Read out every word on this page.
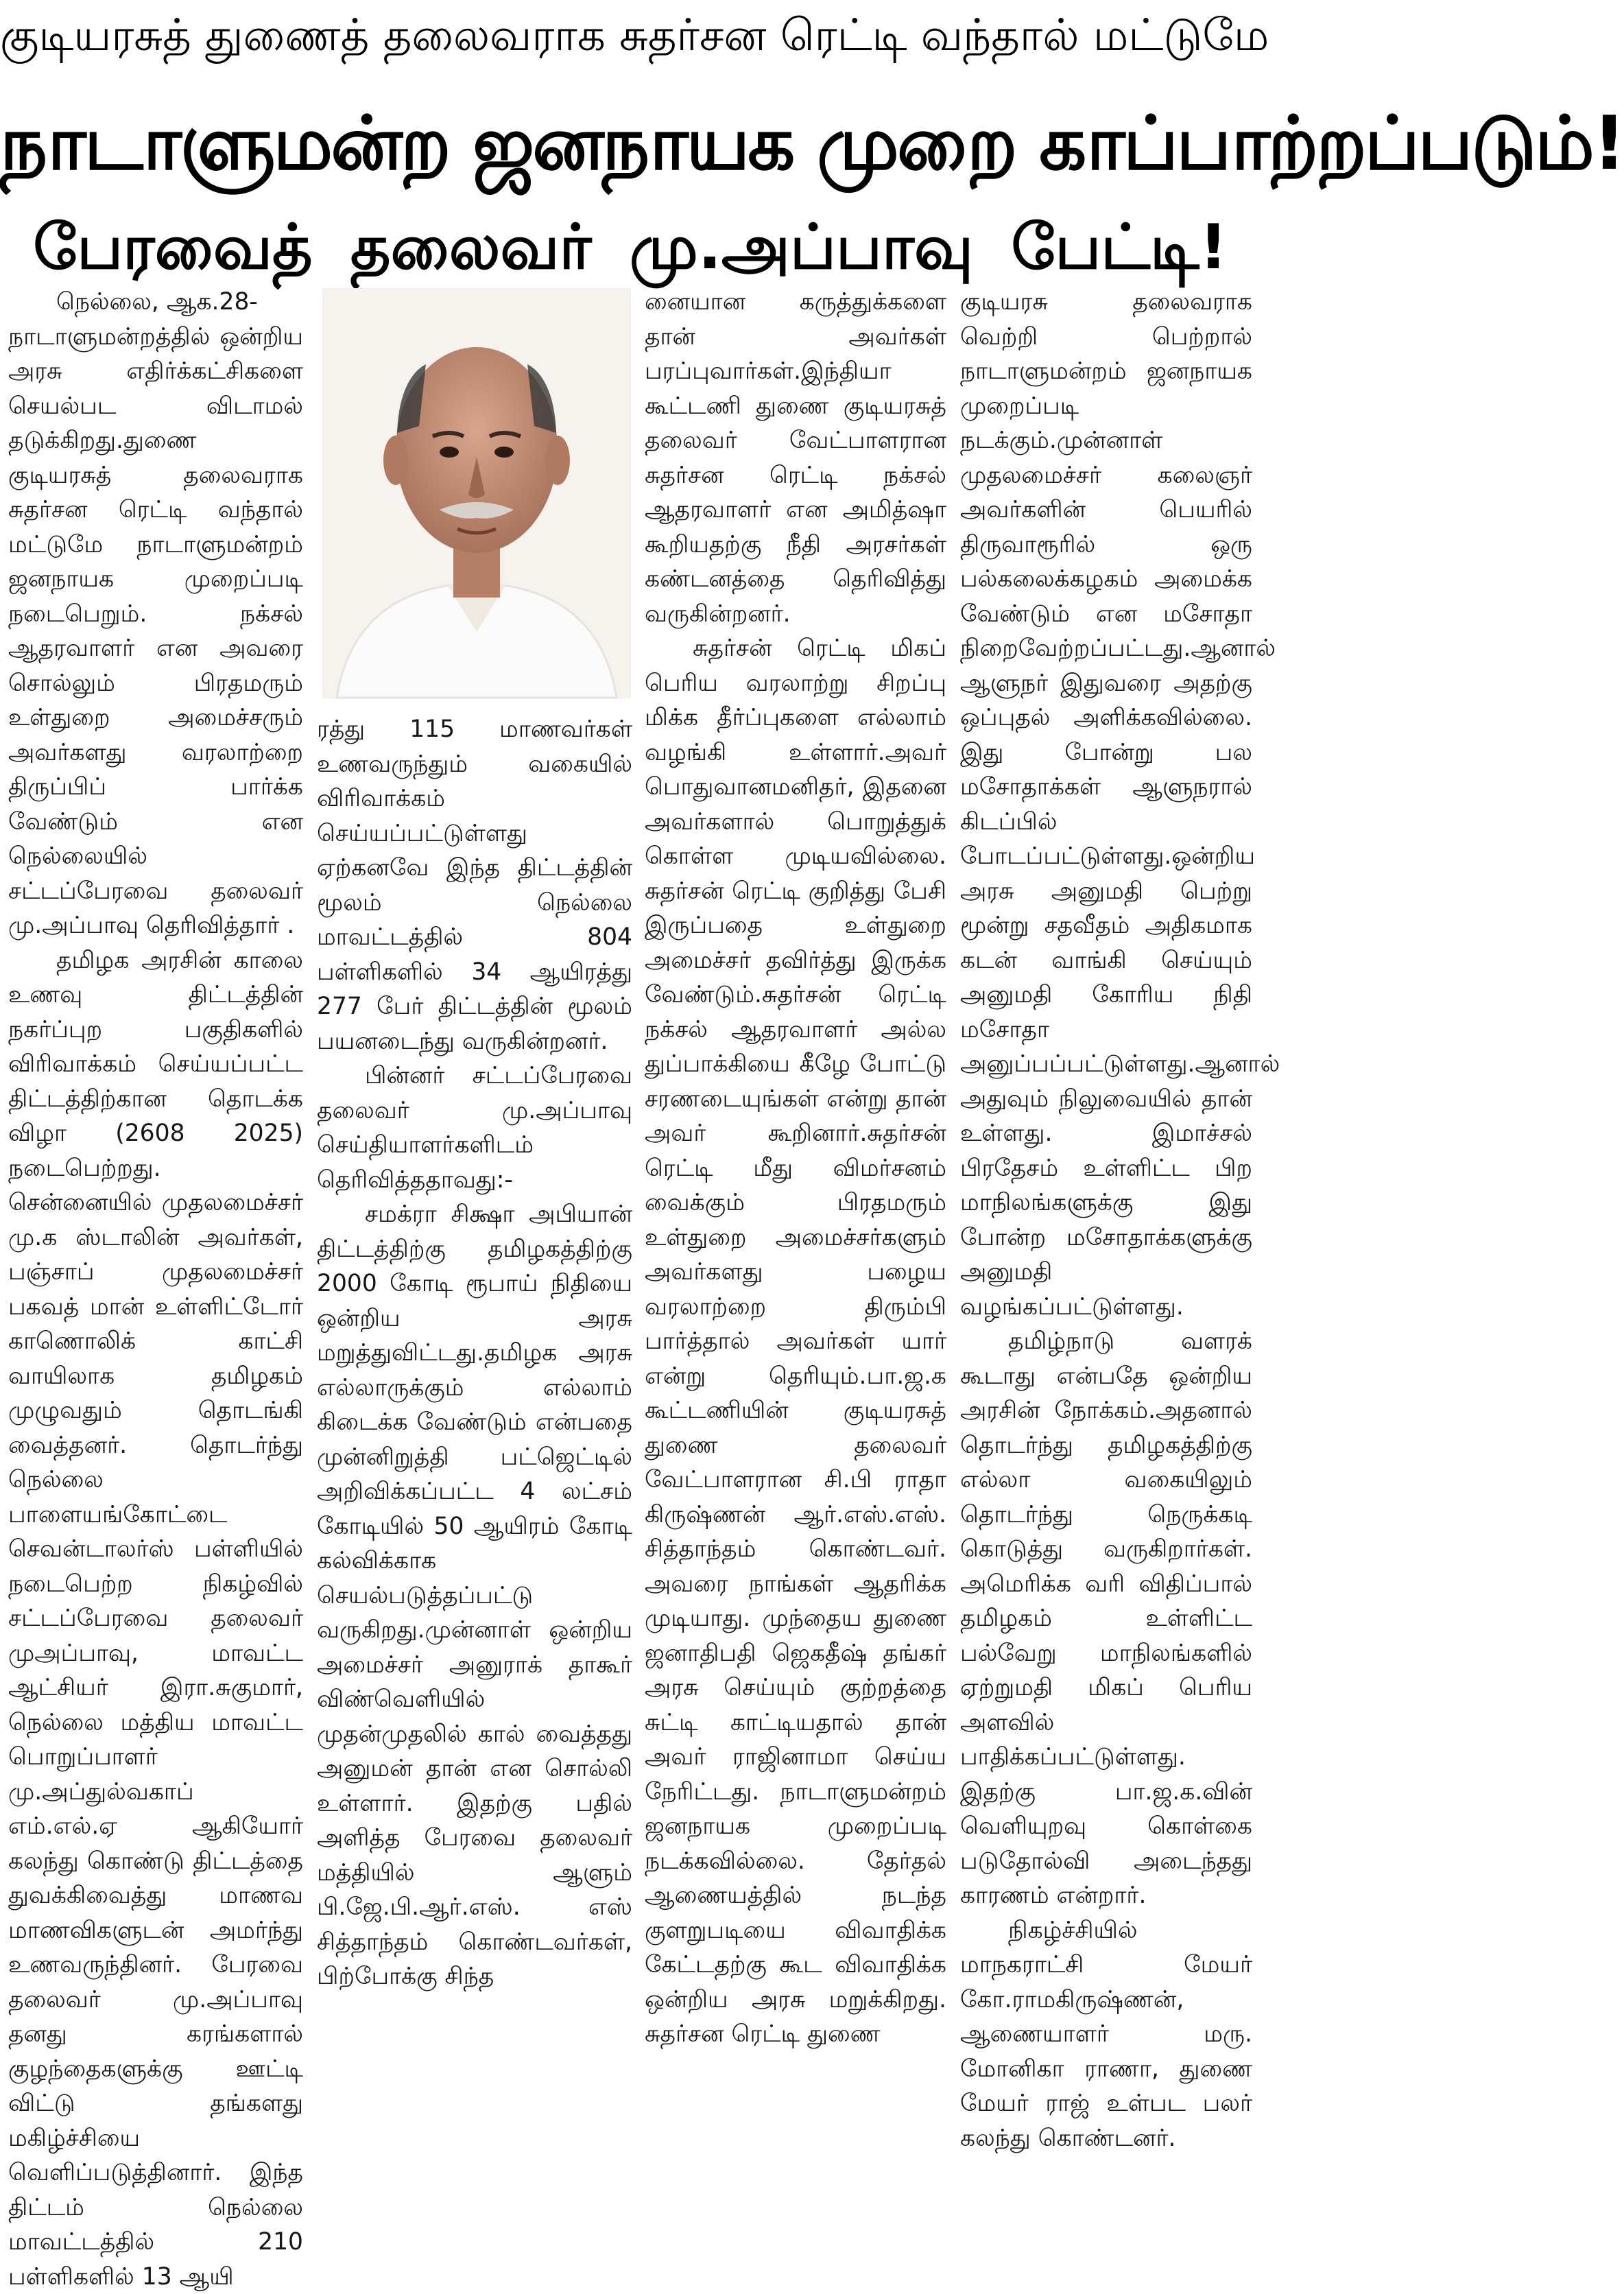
குடியரசுத் துணைத் தலைவராக சுதர்சன ரெட்டி வந்தால் மட்டுமே
நாடாளுமன்ற ஜனநாயக முறை காப்பாற்றப்படும்!
பேரவைத் தலைவர் மு.அப்பாவு பேட்டி!

நெல்லை, ஆக.28-

நாடாளுமன்றத்தில் ஒன்றிய அரசு எதிர்க்கட்சிகளை செயல்பட விடாமல் தடுக்கிறது.துணை குடியரசுத் தலைவராக சுதர்சன ரெட்டி வந்தால் மட்டுமே நாடாளுமன்றம் ஜனநாயக முறைப்படி நடைபெறும். நக்சல் ஆதரவாளர் என அவரை சொல்லும் பிரதமரும் உள்துறை அமைச்சரும் அவர்களது வரலாற்றை திருப்பிப் பார்க்க வேண்டும் என நெல்லையில் சட்டப்பேரவை தலைவர் மு.அப்பாவு தெரிவித்தார் .

தமிழக அரசின் காலை உணவு திட்டத்தின் நகர்ப்புற பகுதிகளில் விரிவாக்கம் செய்யப்பட்ட திட்டத்திற்கான தொடக்க விழா (2608 2025) நடைபெற்றது. சென்னையில் முதலமைச்சர் மு.க ஸ்டாலின் அவர்கள், பஞ்சாப் முதலமைச்சர் பகவத் மான் உள்ளிட்டோர் காணொலிக் காட்சி வாயிலாக தமிழகம் முழுவதும் தொடங்கி வைத்தனர். தொடர்ந்து நெல்லை பாளையங்கோட்டை செவன்டாலர்ஸ் பள்ளியில் நடைபெற்ற நிகழ்வில் சட்டப்பேரவை தலைவர் முஅப்பாவு, மாவட்ட ஆட்சியர் இரா.சுகுமார், நெல்லை மத்திய மாவட்ட பொறுப்பாளர் மு.அப்துல்வகாப் எம்.எல்.ஏ ஆகியோர் கலந்து கொண்டு திட்டத்தை துவக்கிவைத்து மாணவ மாணவிகளுடன் அமர்ந்து உணவருந்தினர். பேரவை தலைவர் மு.அப்பாவு தனது கரங்களால் குழந்தைகளுக்கு ஊட்டி விட்டு தங்களது மகிழ்ச்சியை வெளிப்படுத்தினார். இந்த திட்டம் நெல்லை மாவட்டத்தில் 210 பள்ளிகளில் 13 ஆயி

ரத்து 115 மாணவர்கள் உணவருந்தும் வகையில் விரிவாக்கம் செய்யப்பட்டுள்ளது ஏற்கனவே இந்த திட்டத்தின் மூலம் நெல்லை மாவட்டத்தில் 804 பள்ளிகளில் 34 ஆயிரத்து 277 பேர் திட்டத்தின் மூலம் பயனடைந்து வருகின்றனர்.

பின்னர் சட்டப்பேரவை தலைவர் மு.அப்பாவு செய்தியாளர்களிடம் தெரிவித்ததாவது:-

சமக்ரா சிக்ஷா அபியான் திட்டத்திற்கு தமிழகத்திற்கு 2000 கோடி ரூபாய் நிதியை ஒன்றிய அரசு மறுத்துவிட்டது.தமிழக அரசு எல்லாருக்கும் எல்லாம் கிடைக்க வேண்டும் என்பதை முன்னிறுத்தி பட்ஜெட்டில் அறிவிக்கப்பட்ட 4 லட்சம் கோடியில் 50 ஆயிரம் கோடி கல்விக்காக செயல்படுத்தப்பட்டு வருகிறது.முன்னாள் ஒன்றிய அமைச்சர் அனுராக் தாகூர் விண்வெளியில் முதன்முதலில் கால் வைத்தது அனுமன் தான் என சொல்லி உள்ளார். இதற்கு பதில் அளித்த பேரவை தலைவர் மத்தியில் ஆளும் பி.ஜே.பி.ஆர்.எஸ். எஸ் சித்தாந்தம் கொண்டவர்கள், பிற்போக்கு சிந்த

னையான கருத்துக்களை தான் அவர்கள் பரப்புவார்கள்.இந்தியா கூட்டணி துணை குடியரசுத் தலைவர் வேட்பாளரான சுதர்சன ரெட்டி நக்சல் ஆதரவாளர் என அமித்ஷா கூறியதற்கு நீதி அரசர்கள் கண்டனத்தை தெரிவித்து வருகின்றனர்.

சுதர்சன் ரெட்டி மிகப் பெரிய வரலாற்று சிறப்பு மிக்க தீர்ப்புகளை எல்லாம் வழங்கி உள்ளார்.அவர் பொதுவானமனிதர், இதனை அவர்களால் பொறுத்துக் கொள்ள முடியவில்லை. சுதர்சன் ரெட்டி குறித்து பேசி இருப்பதை உள்துறை அமைச்சர் தவிர்த்து இருக்க வேண்டும்.சுதர்சன் ரெட்டி நக்சல் ஆதரவாளர் அல்ல துப்பாக்கியை கீழே போட்டு சரணடையுங்கள் என்று தான் அவர் கூறினார்.சுதர்சன் ரெட்டி மீது விமர்சனம் வைக்கும் பிரதமரும் உள்துறை அமைச்சர்களும் அவர்களது பழைய வரலாற்றை திரும்பி பார்த்தால் அவர்கள் யார் என்று தெரியும்.பா.ஜ.க கூட்டணியின் குடியரசுத் துணை தலைவர் வேட்பாளரான சி.பி ராதா கிருஷ்ணன் ஆர்.எஸ்.எஸ். சித்தாந்தம் கொண்டவர். அவரை நாங்கள் ஆதரிக்க முடியாது. முந்தைய துணை ஜனாதிபதி ஜெகதீஷ் தங்கர் அரசு செய்யும் குற்றத்தை சுட்டி காட்டியதால் தான் அவர் ராஜினாமா செய்ய நேரிட்டது. நாடாளுமன்றம் ஜனநாயக முறைப்படி நடக்கவில்லை. தேர்தல் ஆணையத்தில் நடந்த குளறுபடியை விவாதிக்க கேட்டதற்கு கூட விவாதிக்க ஒன்றிய அரசு மறுக்கிறது. சுதர்சன ரெட்டி துணை

குடியரசு தலைவராக வெற்றி பெற்றால் நாடாளுமன்றம் ஜனநாயக முறைப்படி நடக்கும்.முன்னாள் முதலமைச்சர் கலைஞர் அவர்களின் பெயரில் திருவாரூரில் ஒரு பல்கலைக்கழகம் அமைக்க வேண்டும் என மசோதா நிறைவேற்றப்பட்டது.ஆனால் ஆளுநர் இதுவரை அதற்கு ஒப்புதல் அளிக்கவில்லை. இது போன்று பல மசோதாக்கள் ஆளுநரால் கிடப்பில் போடப்பட்டுள்ளது.ஒன்றிய அரசு அனுமதி பெற்று மூன்று சதவீதம் அதிகமாக கடன் வாங்கி செய்யும் அனுமதி கோரிய நிதி மசோதா அனுப்பப்பட்டுள்ளது.ஆனால் அதுவும் நிலுவையில் தான் உள்ளது. இமாச்சல் பிரதேசம் உள்ளிட்ட பிற மாநிலங்களுக்கு இது போன்ற மசோதாக்களுக்கு அனுமதி வழங்கப்பட்டுள்ளது.

தமிழ்நாடு வளரக் கூடாது என்பதே ஒன்றிய அரசின் நோக்கம்.அதனால் தொடர்ந்து தமிழகத்திற்கு எல்லா வகையிலும் தொடர்ந்து நெருக்கடி கொடுத்து வருகிறார்கள். அமெரிக்க வரி விதிப்பால் தமிழகம் உள்ளிட்ட பல்வேறு மாநிலங்களில் ஏற்றுமதி மிகப் பெரிய அளவில் பாதிக்கப்பட்டுள்ளது. இதற்கு பா.ஜ.க.வின் வெளியுறவு கொள்கை படுதோல்வி அடைந்தது காரணம் என்றார்.

நிகழ்ச்சியில் மாநகராட்சி மேயர் கோ.ராமகிருஷ்ணன், ஆணையாளர் மரு. மோனிகா ராணா, துணை மேயர் ராஜ் உள்பட பலர் கலந்து கொண்டனர்.
